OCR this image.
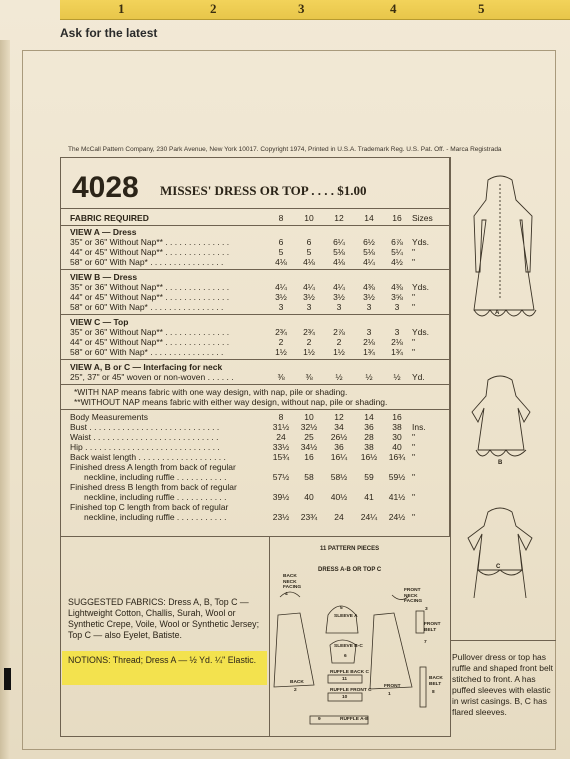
1	2	3	4	5
Ask for the latest
The McCall Pattern Company, 230 Park Avenue, New York 10017. Copyright 1974, Printed in U.S.A. Trademark Reg. U.S. Pat. Off. - Marca Registrada
4028 MISSES' DRESS OR TOP . . . . $1.00
FABRIC REQUIRED	8	10	12	14	16	Sizes
VIEW A — Dress
35" or 36" Without Nap** . . . . . . . . . . . . . .	6	6	6¼	6½	6⅞	Yds.
44" or 45" Without Nap** . . . . . . . . . . . . . .	5	5	5⅛	5⅛	5¼	"
58" or 60" With Nap* . . . . . . . . . . . . . . . .	4⅛	4⅛	4⅛	4¼	4½	"
VIEW B — Dress
35" or 36" Without Nap** . . . . . . . . . . . . . .	4¼	4¼	4¼	4⅜	4⅜	Yds.
44" or 45" Without Nap** . . . . . . . . . . . . . .	3½	3½	3½	3½	3⅝	"
58" or 60" With Nap* . . . . . . . . . . . . . . . .	3	3	3	3	3	"
VIEW C — Top
35" or 36" Without Nap** . . . . . . . . . . . . . .	2¾	2¾	2⅞	3	3	Yds.
44" or 45" Without Nap** . . . . . . . . . . . . . .	2	2	2	2⅛	2⅛	"
58" or 60" With Nap* . . . . . . . . . . . . . . . .	1½	1½	1½	1¾	1¾	"
VIEW A, B or C — Interfacing for neck
25", 37" or 45" woven or non-woven . . . . . .	⅜	⅜	½	½	½	Yd.
*WITH NAP means fabric with one way design, with nap, pile or shading.
**WITHOUT NAP means fabric with either way design, without nap, pile or shading.
Body Measurements	8	10	12	14	16
Bust . . . . . . . . . . . . . . . . . . . . . . . . . . . .	31½	32½	34	36	38	Ins.
Waist . . . . . . . . . . . . . . . . . . . . . . . . . . .	24	25	26½	28	30	"
Hip . . . . . . . . . . . . . . . . . . . . . . . . . . . . .	33½	34½	36	38	40	"
Back waist length . . . . . . . . . . . . . . . . . . .	15¾	16	16¼	16½	16¾ "
Finished dress A length from back of regular
neckline, including ruffle . . . . . . . . . . .	57½	58	58½	59	59½ "
Finished dress B length from back of regular
neckline, including ruffle . . . . . . . . . . .	39½	40	40½	41	41½ "
Finished top C length from back of regular
neckline, including ruffle . . . . . . . . . . .	23½	23¾	24	24¼	24½ "
SUGGESTED FABRICS: Dress A, B, Top C — Lightweight Cotton, Challis, Surah, Wool or Synthetic Crepe, Voile, Wool or Synthetic Jersey; Top C — also Eyelet, Batiste.
NOTIONS: Thread; Dress A — ½ Yd. ¼" Elastic.
11 PATTERN PIECES
DRESS A-B OR TOP C
BACK NECK FACING
4
5
SLEEVE A
SLEEVE B-C
6
RUFFLE BACK C
11
RUFFLE FRONT C
10
9	RUFFLE A-B
FRONT NECK FACING
3
FRONT BELT
7
BACK BELT
8
BACK
2
FRONT
1
A
B
C
Pullover dress or top has ruffle and shaped front belt stitched to front. A has puffed sleeves with elastic in wrist casings. B, C has flared sleeves.
